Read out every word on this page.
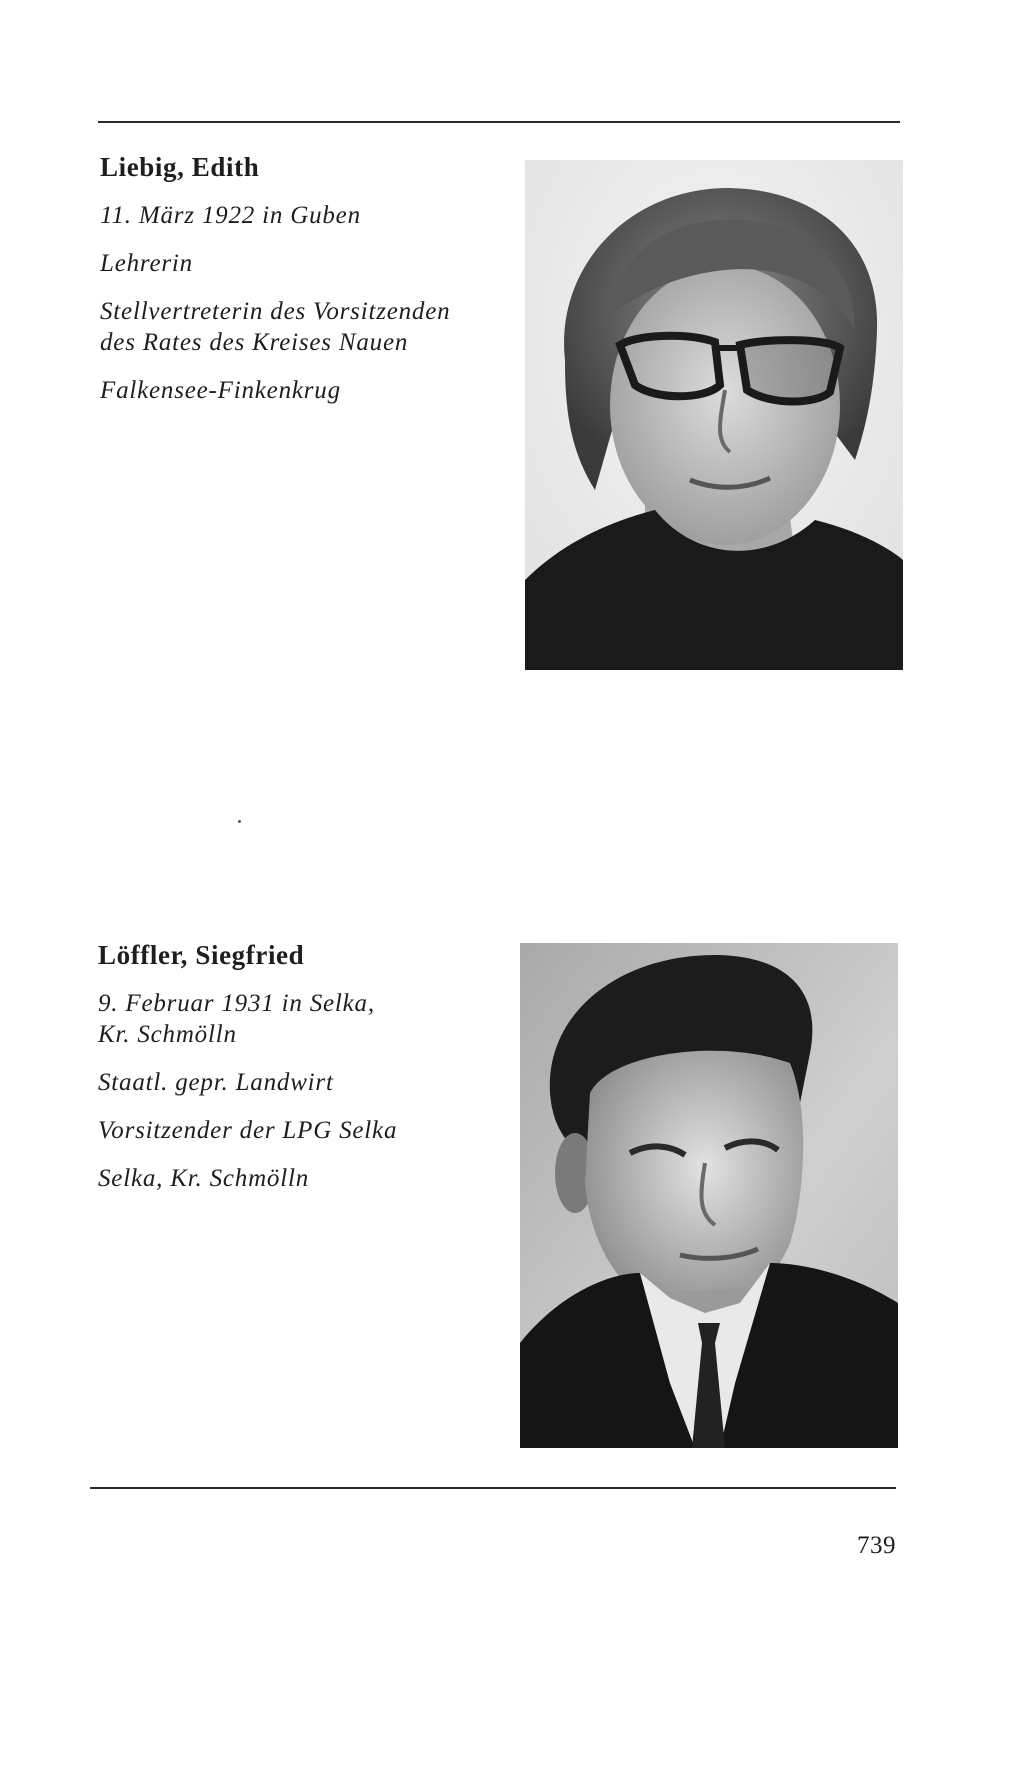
Liebig, Edith
11. März 1922 in Guben
Lehrerin
Stellvertreterin des Vorsitzenden
des Rates des Kreises Nauen
Falkensee-Finkenkrug
Löffler, Siegfried
9. Februar 1931 in Selka,
Kr. Schmölln
Staatl. gepr. Landwirt
Vorsitzender der LPG Selka
Selka, Kr. Schmölln
739
